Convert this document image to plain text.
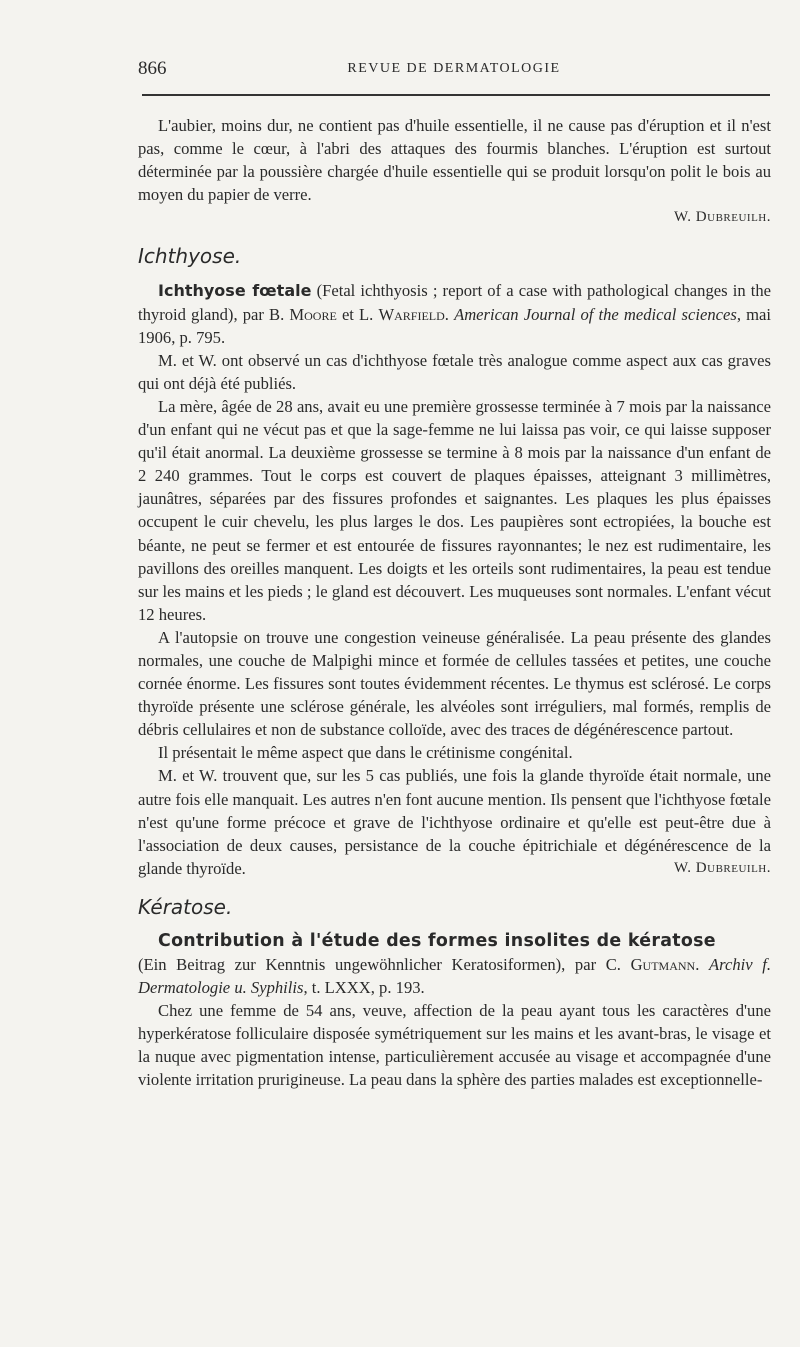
866	REVUE DE DERMATOLOGIE

L'aubier, moins dur, ne contient pas d'huile essentielle, il ne cause pas d'éruption et il n'est pas, comme le cœur, à l'abri des attaques des fourmis blanches. L'éruption est surtout déterminée par la poussière chargée d'huile essentielle qui se produit lorsqu'on polit le bois au moyen du papier de verre.

W. Dubreuilh.

Ichthyose.

Ichthyose fœtale (Fetal ichthyosis ; report of a case with pathological changes in the thyroid gland), par B. Moore et L. Warfield. American Journal of the medical sciences, mai 1906, p. 795.

M. et W. ont observé un cas d'ichthyose fœtale très analogue comme aspect aux cas graves qui ont déjà été publiés.

La mère, âgée de 28 ans, avait eu une première grossesse terminée à 7 mois par la naissance d'un enfant qui ne vécut pas et que la sage-femme ne lui laissa pas voir, ce qui laisse supposer qu'il était anormal. La deuxième grossesse se termine à 8 mois par la naissance d'un enfant de 2 240 grammes. Tout le corps est couvert de plaques épaisses, atteignant 3 millimètres, jaunâtres, séparées par des fissures profondes et saignantes. Les plaques les plus épaisses occupent le cuir chevelu, les plus larges le dos. Les paupières sont ectropiées, la bouche est béante, ne peut se fermer et est entourée de fissures rayonnantes; le nez est rudimentaire, les pavillons des oreilles manquent. Les doigts et les orteils sont rudimentaires, la peau est tendue sur les mains et les pieds ; le gland est découvert. Les muqueuses sont normales. L'enfant vécut 12 heures.

A l'autopsie on trouve une congestion veineuse généralisée. La peau présente des glandes normales, une couche de Malpighi mince et formée de cellules tassées et petites, une couche cornée énorme. Les fissures sont toutes évidemment récentes. Le thymus est sclérosé. Le corps thyroïde présente une sclérose générale, les alvéoles sont irréguliers, mal formés, remplis de débris cellulaires et non de substance colloïde, avec des traces de dégénérescence partout.

Il présentait le même aspect que dans le crétinisme congénital.

M. et W. trouvent que, sur les 5 cas publiés, une fois la glande thyroïde était normale, une autre fois elle manquait. Les autres n'en font aucune mention. Ils pensent que l'ichthyose fœtale n'est qu'une forme précoce et grave de l'ichthyose ordinaire et qu'elle est peut-être due à l'association de deux causes, persistance de la couche épitrichiale et dégénérescence de la glande thyroïde.	W. Dubreuilh.

Kératose.

Contribution à l'étude des formes insolites de kératose

(Ein Beitrag zur Kenntnis ungewöhnlicher Keratosiformen), par C. Gutmann. Archiv f. Dermatologie u. Syphilis, t. LXXX, p. 193.

Chez une femme de 54 ans, veuve, affection de la peau ayant tous les caractères d'une hyperkératose folliculaire disposée symétriquement sur les mains et les avant-bras, le visage et la nuque avec pigmentation intense, particulièrement accusée au visage et accompagnée d'une violente irritation prurigineuse. La peau dans la sphère des parties malades est exceptionnelle-
